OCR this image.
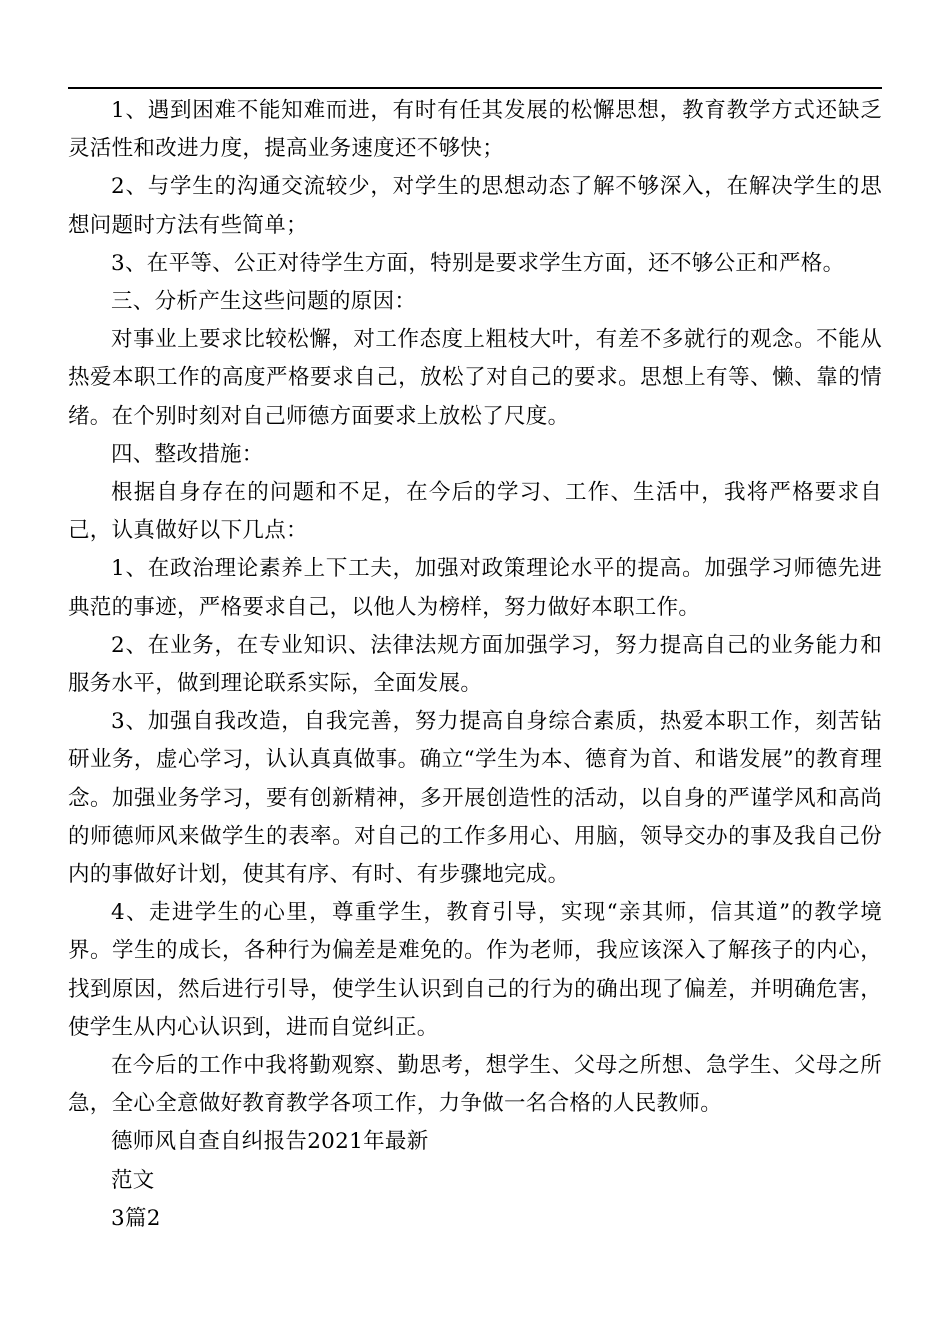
1、遇到困难不能知难而进，有时有任其发展的松懈思想，教育教学方式还缺乏灵活性和改进力度，提高业务速度还不够快；

2、与学生的沟通交流较少，对学生的思想动态了解不够深入，在解决学生的思想问题时方法有些简单；

3、在平等、公正对待学生方面，特别是要求学生方面，还不够公正和严格。

三、分析产生这些问题的原因：

对事业上要求比较松懈，对工作态度上粗枝大叶，有差不多就行的观念。不能从热爱本职工作的高度严格要求自己，放松了对自己的要求。思想上有等、懒、靠的情绪。在个别时刻对自己师德方面要求上放松了尺度。

四、整改措施：

根据自身存在的问题和不足，在今后的学习、工作、生活中，我将严格要求自己，认真做好以下几点：

1、在政治理论素养上下工夫，加强对政策理论水平的提高。加强学习师德先进典范的事迹，严格要求自己，以他人为榜样，努力做好本职工作。

2、在业务，在专业知识、法律法规方面加强学习，努力提高自己的业务能力和服务水平，做到理论联系实际，全面发展。

3、加强自我改造，自我完善，努力提高自身综合素质，热爱本职工作，刻苦钻研业务，虚心学习，认认真真做事。确立“学生为本、德育为首、和谐发展”的教育理念。加强业务学习，要有创新精神，多开展创造性的活动，以自身的严谨学风和高尚的师德师风来做学生的表率。对自己的工作多用心、用脑，领导交办的事及我自己份内的事做好计划，使其有序、有时、有步骤地完成。

4、走进学生的心里，尊重学生，教育引导，实现“亲其师，信其道”的教学境界。学生的成长，各种行为偏差是难免的。作为老师，我应该深入了解孩子的内心，找到原因，然后进行引导，使学生认识到自己的行为的确出现了偏差，并明确危害，使学生从内心认识到，进而自觉纠正。

在今后的工作中我将勤观察、勤思考，想学生、父母之所想、急学生、父母之所急，全心全意做好教育教学各项工作，力争做一名合格的人民教师。

德师风自查自纠报告2021年最新

范文

3篇2
